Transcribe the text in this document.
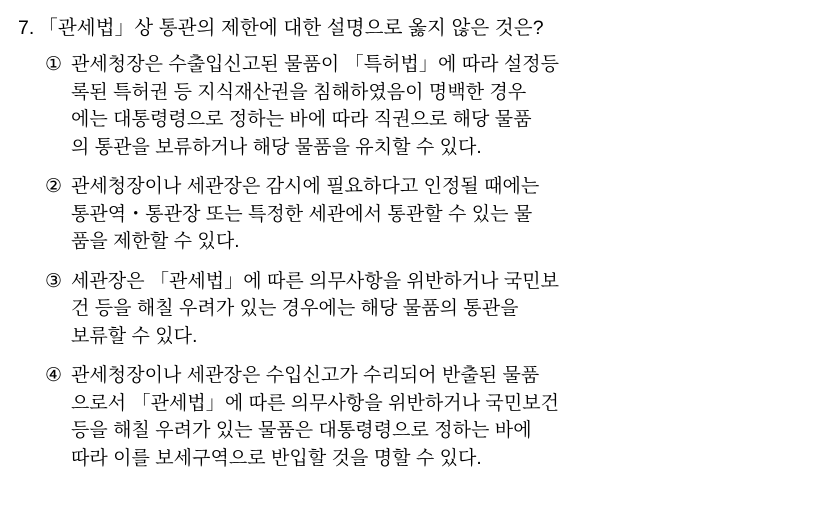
7. 「관세법」상 통관의 제한에 대한 설명으로 옳지 않은 것은?
① 관세청장은 수출입신고된 물품이 「특허법」에 따라 설정등
록된 특허권 등 지식재산권을 침해하였음이 명백한 경우
에는 대통령령으로 정하는 바에 따라 직권으로 해당 물품
의 통관을 보류하거나 해당 물품을 유치할 수 있다.
② 관세청장이나 세관장은 감시에 필요하다고 인정될 때에는
통관역・통관장 또는 특정한 세관에서 통관할 수 있는 물
품을 제한할 수 있다.
③ 세관장은 「관세법」에 따른 의무사항을 위반하거나 국민보
건 등을 해칠 우려가 있는 경우에는 해당 물품의 통관을
보류할 수 있다.
④ 관세청장이나 세관장은 수입신고가 수리되어 반출된 물품
으로서 「관세법」에 따른 의무사항을 위반하거나 국민보건
등을 해칠 우려가 있는 물품은 대통령령으로 정하는 바에
따라 이를 보세구역으로 반입할 것을 명할 수 있다.
